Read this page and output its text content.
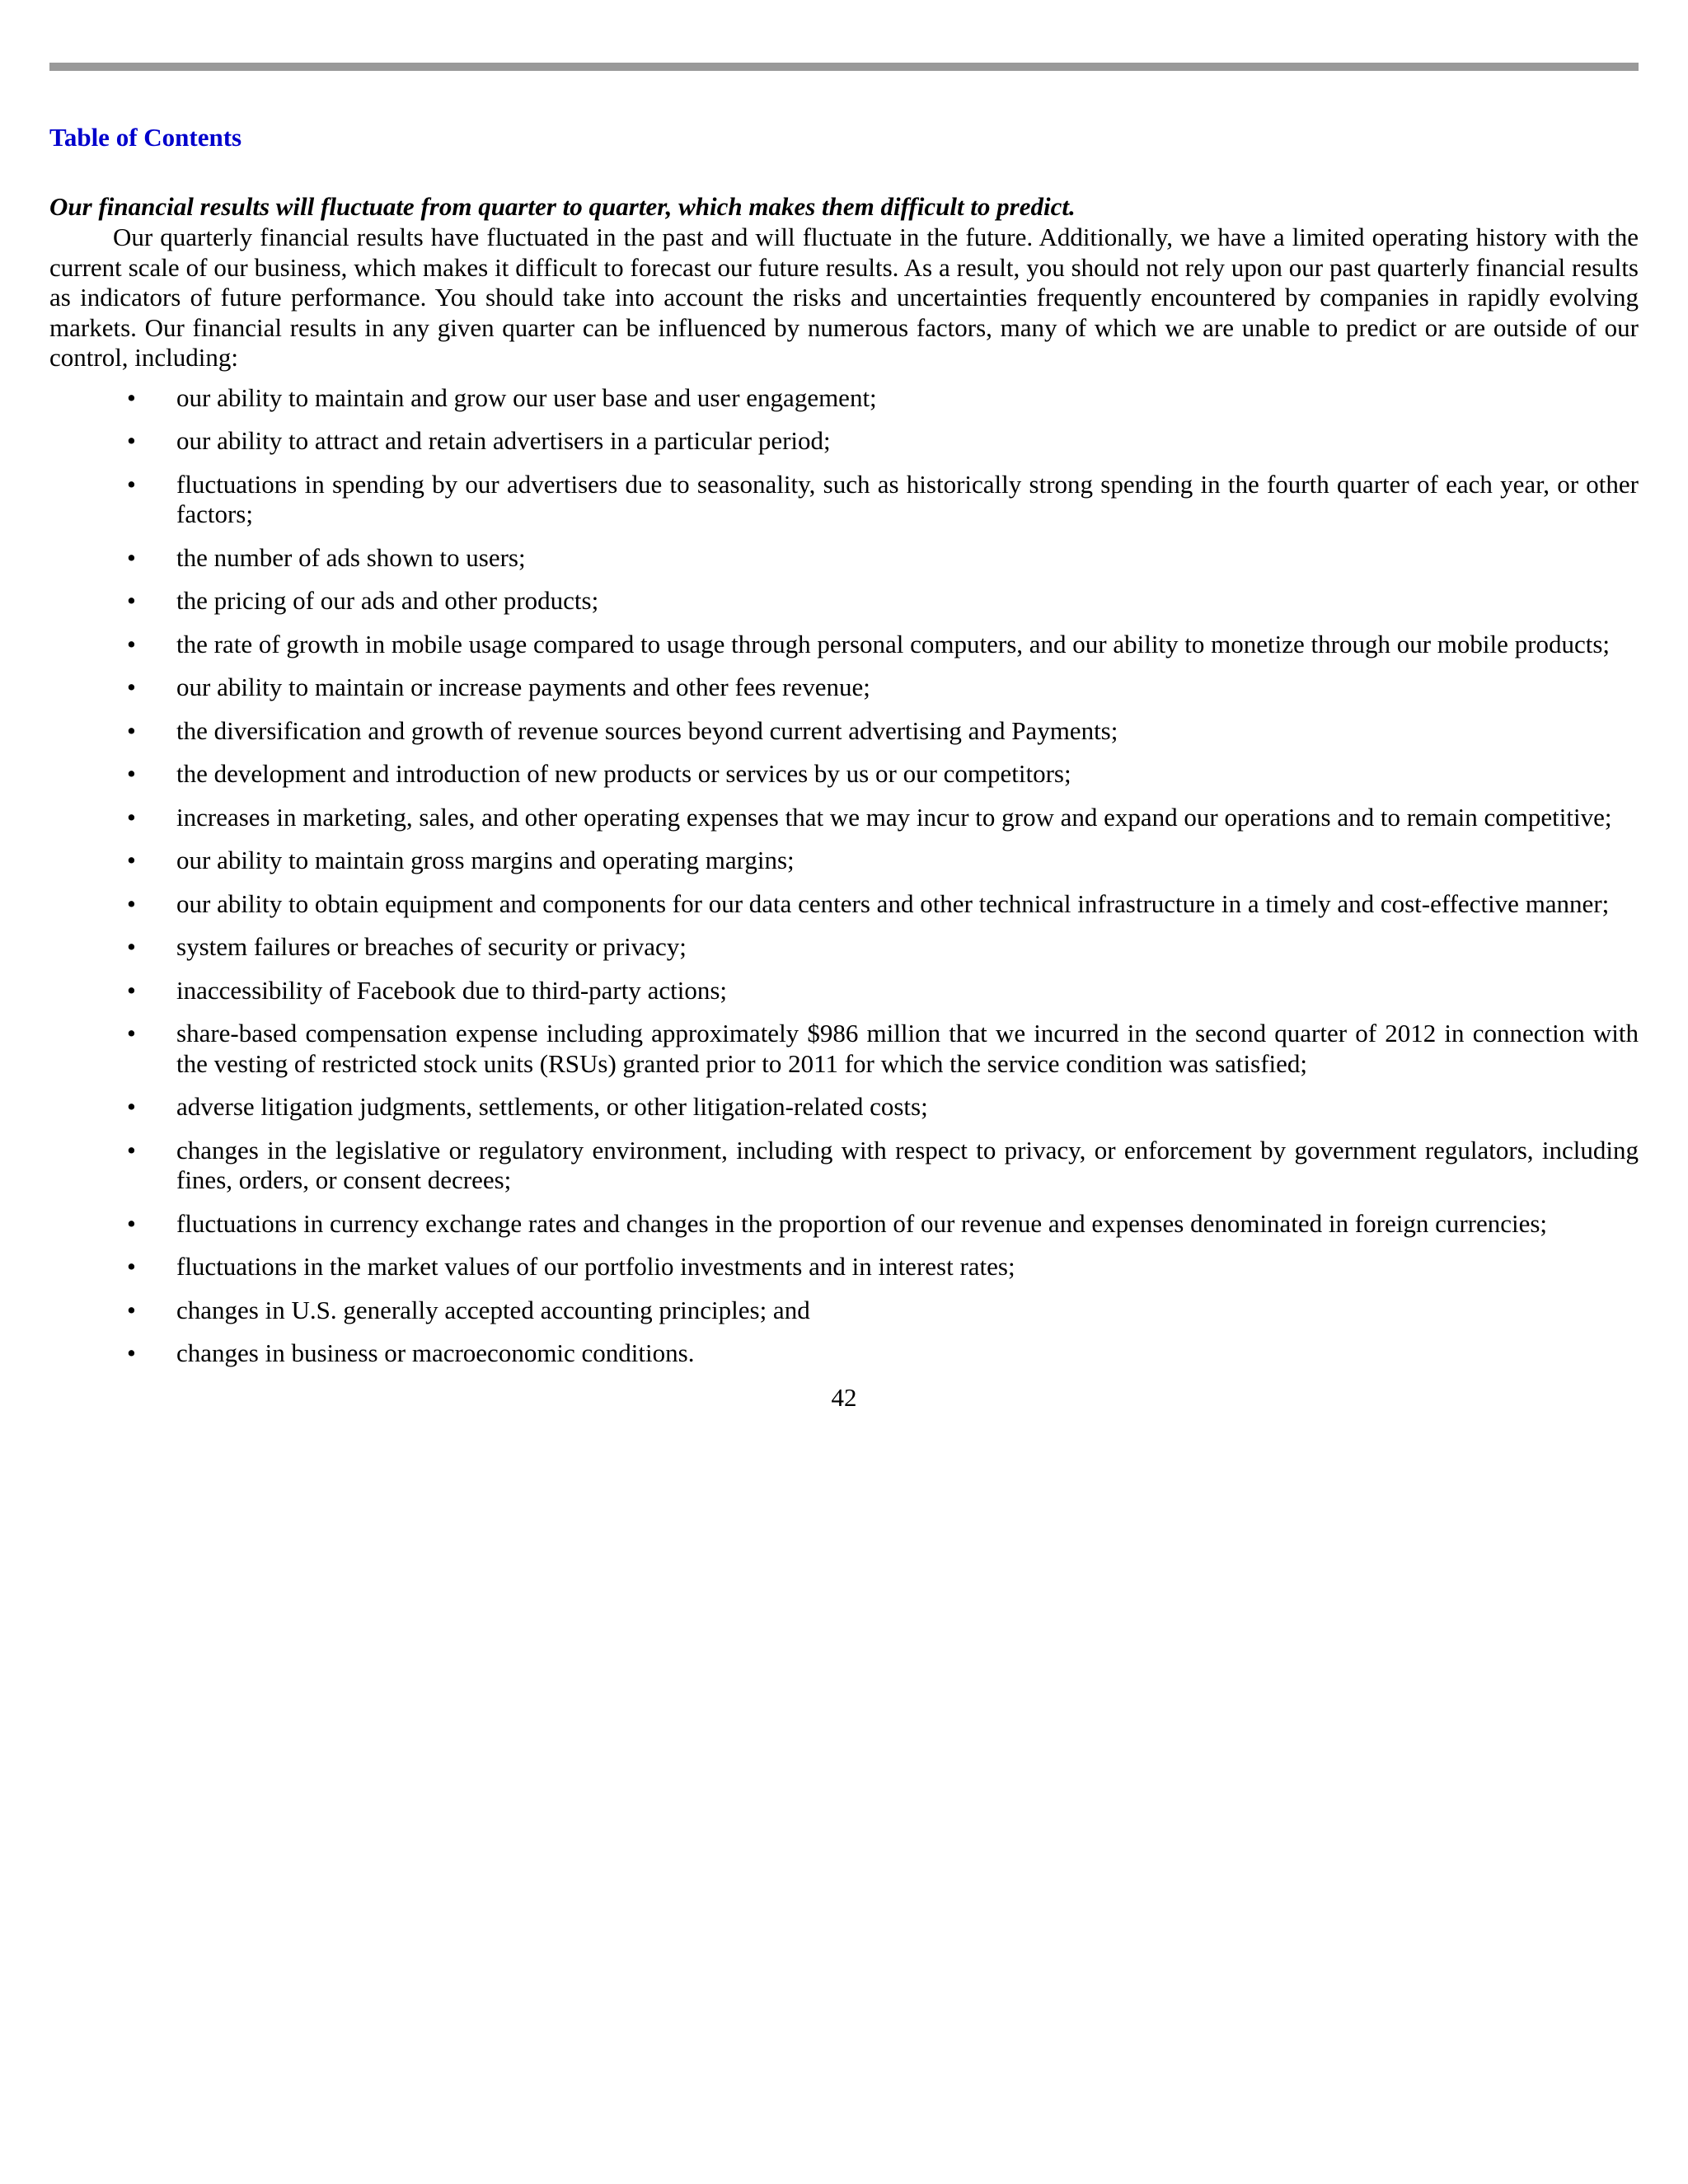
Table of Contents

Our financial results will fluctuate from quarter to quarter, which makes them difficult to predict.

Our quarterly financial results have fluctuated in the past and will fluctuate in the future. Additionally, we have a limited operating history with the current scale of our business, which makes it difficult to forecast our future results. As a result, you should not rely upon our past quarterly financial results as indicators of future performance. You should take into account the risks and uncertainties frequently encountered by companies in rapidly evolving markets. Our financial results in any given quarter can be influenced by numerous factors, many of which we are unable to predict or are outside of our control, including:

• our ability to maintain and grow our user base and user engagement;
• our ability to attract and retain advertisers in a particular period;
• fluctuations in spending by our advertisers due to seasonality, such as historically strong spending in the fourth quarter of each year, or other factors;
• the number of ads shown to users;
• the pricing of our ads and other products;
• the rate of growth in mobile usage compared to usage through personal computers, and our ability to monetize through our mobile products;
• our ability to maintain or increase payments and other fees revenue;
• the diversification and growth of revenue sources beyond current advertising and Payments;
• the development and introduction of new products or services by us or our competitors;
• increases in marketing, sales, and other operating expenses that we may incur to grow and expand our operations and to remain competitive;
• our ability to maintain gross margins and operating margins;
• our ability to obtain equipment and components for our data centers and other technical infrastructure in a timely and cost-effective manner;
• system failures or breaches of security or privacy;
• inaccessibility of Facebook due to third-party actions;
• share-based compensation expense including approximately $986 million that we incurred in the second quarter of 2012 in connection with the vesting of restricted stock units (RSUs) granted prior to 2011 for which the service condition was satisfied;
• adverse litigation judgments, settlements, or other litigation-related costs;
• changes in the legislative or regulatory environment, including with respect to privacy, or enforcement by government regulators, including fines, orders, or consent decrees;
• fluctuations in currency exchange rates and changes in the proportion of our revenue and expenses denominated in foreign currencies;
• fluctuations in the market values of our portfolio investments and in interest rates;
• changes in U.S. generally accepted accounting principles; and
• changes in business or macroeconomic conditions.
42
